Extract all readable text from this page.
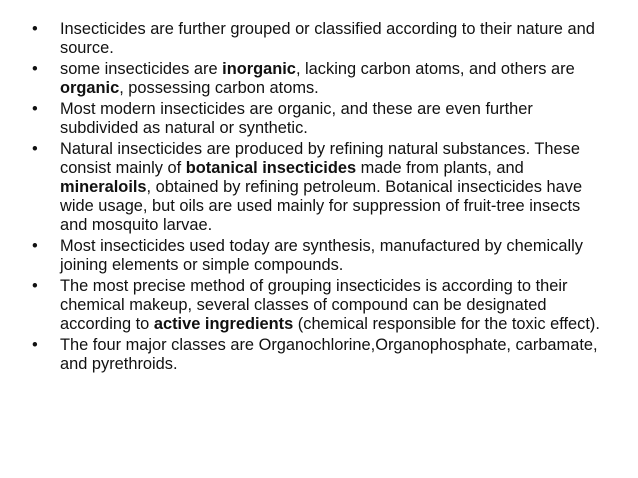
•	Insecticides are further grouped or classified according to their nature and source.
•	some insecticides are inorganic, lacking carbon atoms, and others are organic, possessing carbon atoms.
•	Most modern insecticides are organic, and these are even further subdivided as natural or synthetic.
•	Natural insecticides are produced by refining natural substances. These consist mainly of botanical insecticides made from plants, and mineraloils, obtained by refining petroleum. Botanical insecticides have wide usage, but oils are used mainly for suppression of fruit-tree insects and mosquito larvae.
•	Most insecticides used today are synthesis, manufactured by chemically joining elements or simple compounds.
•	The most precise method of grouping insecticides is according to their chemical makeup, several classes of compound can be designated according to active ingredients (chemical responsible for the toxic effect).
•	The four major classes are Organochlorine,Organophosphate, carbamate, and pyrethroids.
